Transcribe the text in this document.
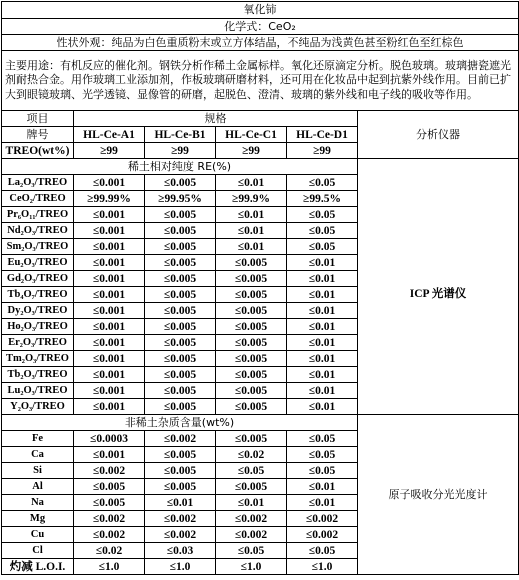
氧化铈					
化学式：CeO₂					
性状外观：纯品为白色重质粉末或立方体结晶，不纯品为浅黄色甚至粉红色至红棕色					
主要用途：有机反应的催化剂。钢铁分析作稀土金属标样。氧化还原滴定分析。脱色玻璃。玻璃搪瓷遮光剂耐热合金。用作玻璃工业添加剂，作板玻璃研磨材料，还可用在化妆品中起到抗紫外线作用。目前已扩大到眼镜玻璃、光学透镜、显像管的研磨，起脱色、澄清、玻璃的紫外线和电子线的吸收等作用。					
项目	规格				分析仪器
牌号	HL-Ce-A1	HL-Ce-B1	HL-Ce-C1	HL-Ce-D1	
TREO(wt%)	≥99	≥99	≥99	≥99	
稀土相对纯度 RE(%)					
La₂O₃/TREO	≤0.001	≤0.005	≤0.01	≤0.05	ICP 光谱仪
CeO₂/TREO	≥99.99%	≥99.95%	≥99.9%	≥99.5%	
Pr₆O₁₁/TREO	≤0.001	≤0.005	≤0.01	≤0.05	
Nd₂O₃/TREO	≤0.001	≤0.005	≤0.01	≤0.05	
Sm₂O₃/TREO	≤0.001	≤0.005	≤0.01	≤0.05	
Eu₂O₃/TREO	≤0.001	≤0.005	≤0.005	≤0.01	
Gd₂O₃/TREO	≤0.001	≤0.005	≤0.005	≤0.01	
Tb₄O₇/TREO	≤0.001	≤0.005	≤0.005	≤0.01	
Dy₂O₃/TREO	≤0.001	≤0.005	≤0.005	≤0.01	
Ho₂O₃/TREO	≤0.001	≤0.005	≤0.005	≤0.01	
Er₂O₃/TREO	≤0.001	≤0.005	≤0.005	≤0.01	
Tm₂O₃/TREO	≤0.001	≤0.005	≤0.005	≤0.01	
Tb₂O₃/TREO	≤0.001	≤0.005	≤0.005	≤0.01	
Lu₂O₃/TREO	≤0.001	≤0.005	≤0.005	≤0.01	
Y₂O₃/TREO	≤0.001	≤0.005	≤0.005	≤0.01	
非稀土杂质含量(wt%)					
Fe	≤0.0003	≤0.002	≤0.005	≤0.05	原子吸收分光光度计
Ca	≤0.001	≤0.005	≤0.02	≤0.05	
Si	≤0.002	≤0.005	≤0.05	≤0.05	
Al	≤0.005	≤0.005	≤0.005	≤0.01	
Na	≤0.005	≤0.01	≤0.01	≤0.01	
Mg	≤0.002	≤0.002	≤0.002	≤0.002	
Cu	≤0.002	≤0.002	≤0.002	≤0.002	
Cl	≤0.02	≤0.03	≤0.05	≤0.05	
灼减 L.O.I.	≤1.0	≤1.0	≤1.0	≤1.0	
